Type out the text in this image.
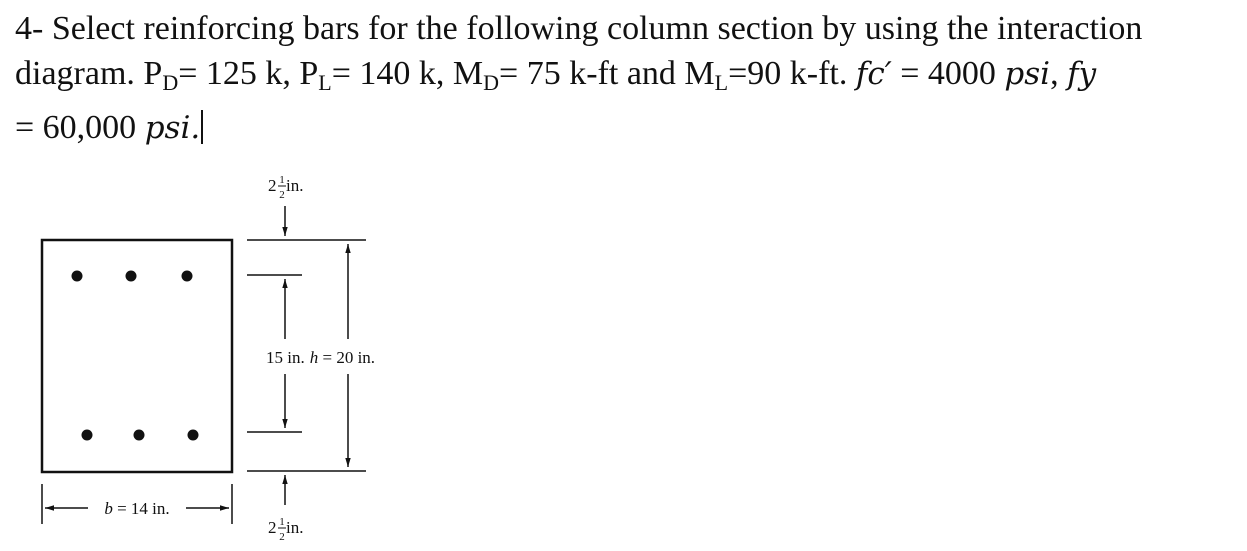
4- Select reinforcing bars for the following column section by using the interaction

diagram. $P_D= 125$ k, $P_L= 140$ k, $M_D= 75$ k-ft and $M_L=90$ k-ft. fc′ = 4000 psi, fy

= 60,000 psi.

b = 14 in.
2 1
2 in.
15 in. h = 20 in.
2 1
2 in.
